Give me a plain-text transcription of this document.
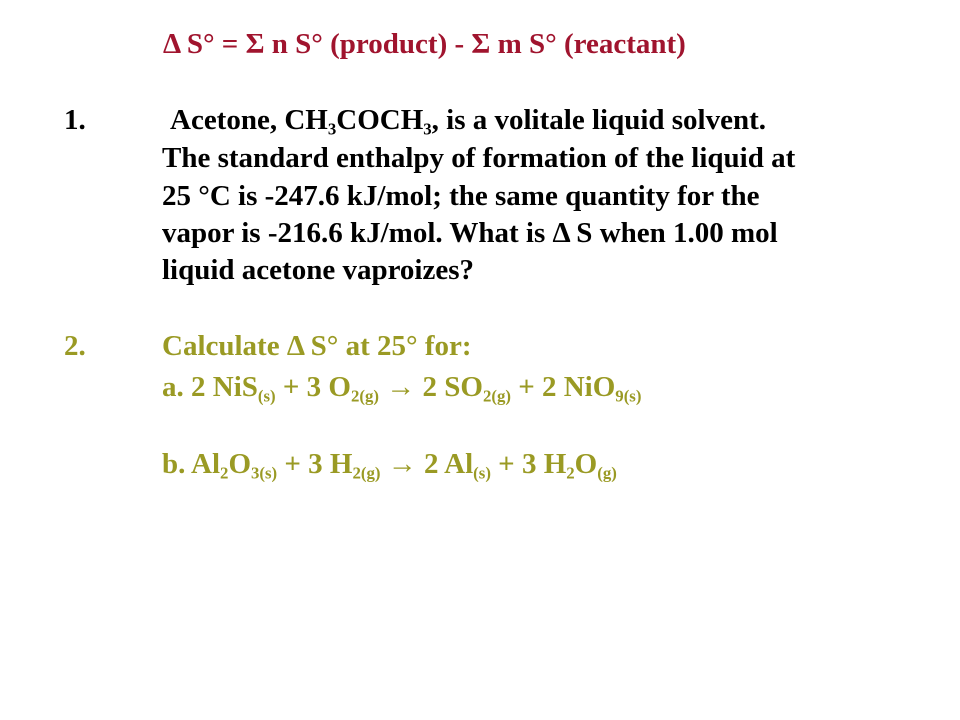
Δ S° = Σ n S° (product) - Σ m S° (reactant)
1.	Acetone, $CH_3COCH_3$, is a volitale liquid solvent.
The standard enthalpy of formation of the liquid at
25 °C is -247.6 kJ/mol; the same quantity for the
vapor is -216.6 kJ/mol. What is Δ S when 1.00 mol
liquid acetone vaproizes?
2.	Calculate Δ S° at 25° for:
a. 2 NiS$_{(s)}$ + 3 $O_{2(g)} \to 2$ $SO_{2(g)} + 2$ NiO$_{9(s)}$
b. $Al_2O_{3(s)} + 3$ $H_{2(g)} \to 2$ $Al_{(s)} + 3$ $H_2O_{(g)}$
